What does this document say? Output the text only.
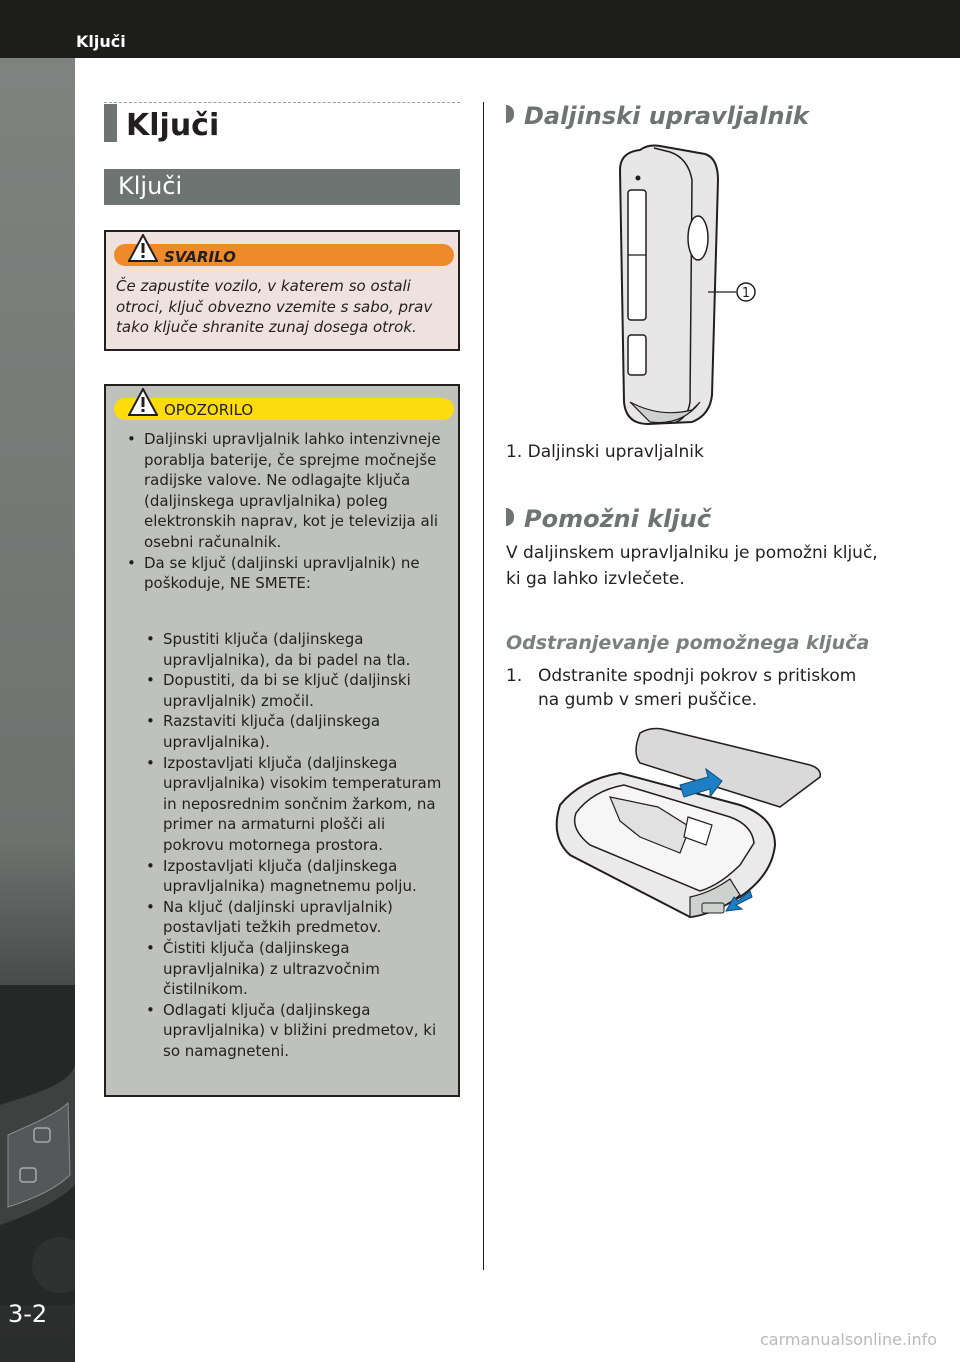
Ključi
3-2
carmanualsonline.info
Ključi
Ključi
SVARILO
Če zapustite vozilo, v katerem so ostali otroci, ključ obvezno vzemite s sabo, prav tako ključe shranite zunaj dosega otrok.
OPOZORILO
• Daljinski upravljalnik lahko intenzivneje porablja baterije, če sprejme močnejše radijske valove. Ne odlagajte ključa (daljinskega upravljalnika) poleg elektronskih naprav, kot je televizija ali osebni računalnik.
• Da se ključ (daljinski upravljalnik) ne poškoduje, NE SMETE:
• Spustiti ključa (daljinskega upravljalnika), da bi padel na tla.
• Dopustiti, da bi se ključ (daljinski upravljalnik) zmočil.
• Razstaviti ključa (daljinskega upravljalnika).
• Izpostavljati ključa (daljinskega upravljalnika) visokim temperaturam in neposrednim sončnim žarkom, na primer na armaturni plošči ali pokrovu motornega prostora.
• Izpostavljati ključa (daljinskega upravljalnika) magnetnemu polju.
• Na ključ (daljinski upravljalnik) postavljati težkih predmetov.
• Čistiti ključa (daljinskega upravljalnika) z ultrazvočnim čistilnikom.
• Odlagati ključa (daljinskega upravljalnika) v bližini predmetov, ki so namagneteni.
Daljinski upravljalnik
1
1. Daljinski upravljalnik
Pomožni ključ
V daljinskem upravljalniku je pomožni ključ, ki ga lahko izvlečete.
Odstranjevanje pomožnega ključa
1. Odstranite spodnji pokrov s pritiskom na gumb v smeri puščice.
